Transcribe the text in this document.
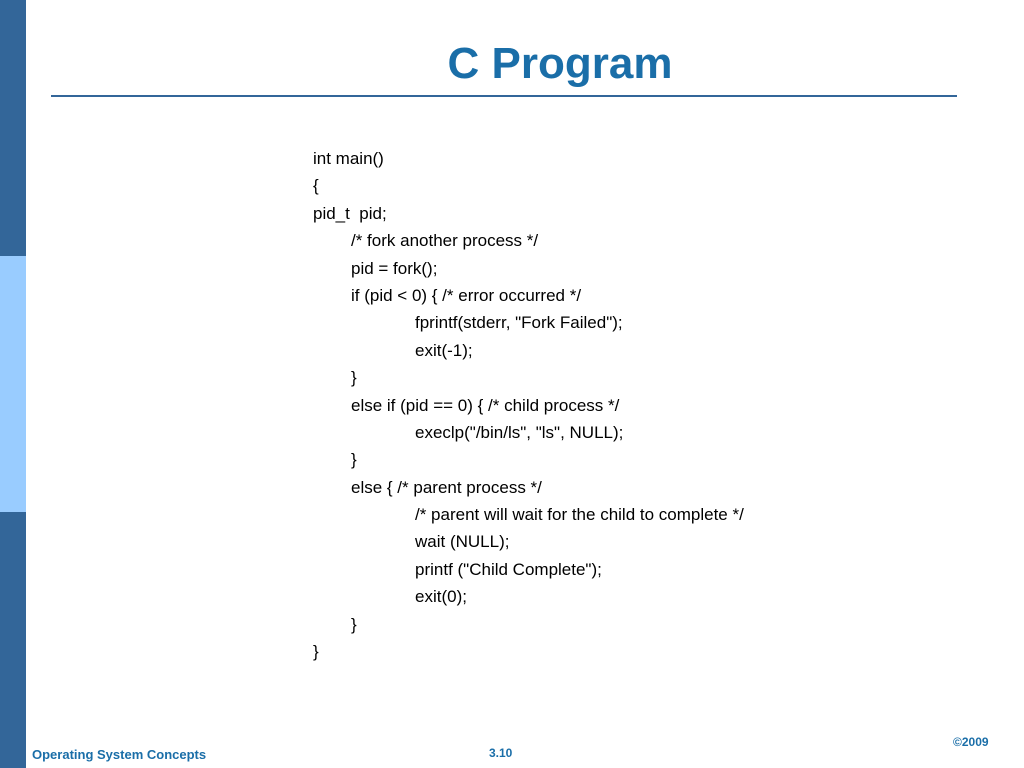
C Program
int main()
{
pid_t  pid;
/* fork another process */
pid = fork();
if (pid < 0) { /* error occurred */
fprintf(stderr, "Fork Failed");
exit(-1);
}
else if (pid == 0) { /* child process */
execlp("/bin/ls", "ls", NULL);
}
else { /* parent process */
/* parent will wait for the child to complete */
wait (NULL);
printf ("Child Complete");
exit(0);
}
}
Operating System Concepts	3.10
©2009
